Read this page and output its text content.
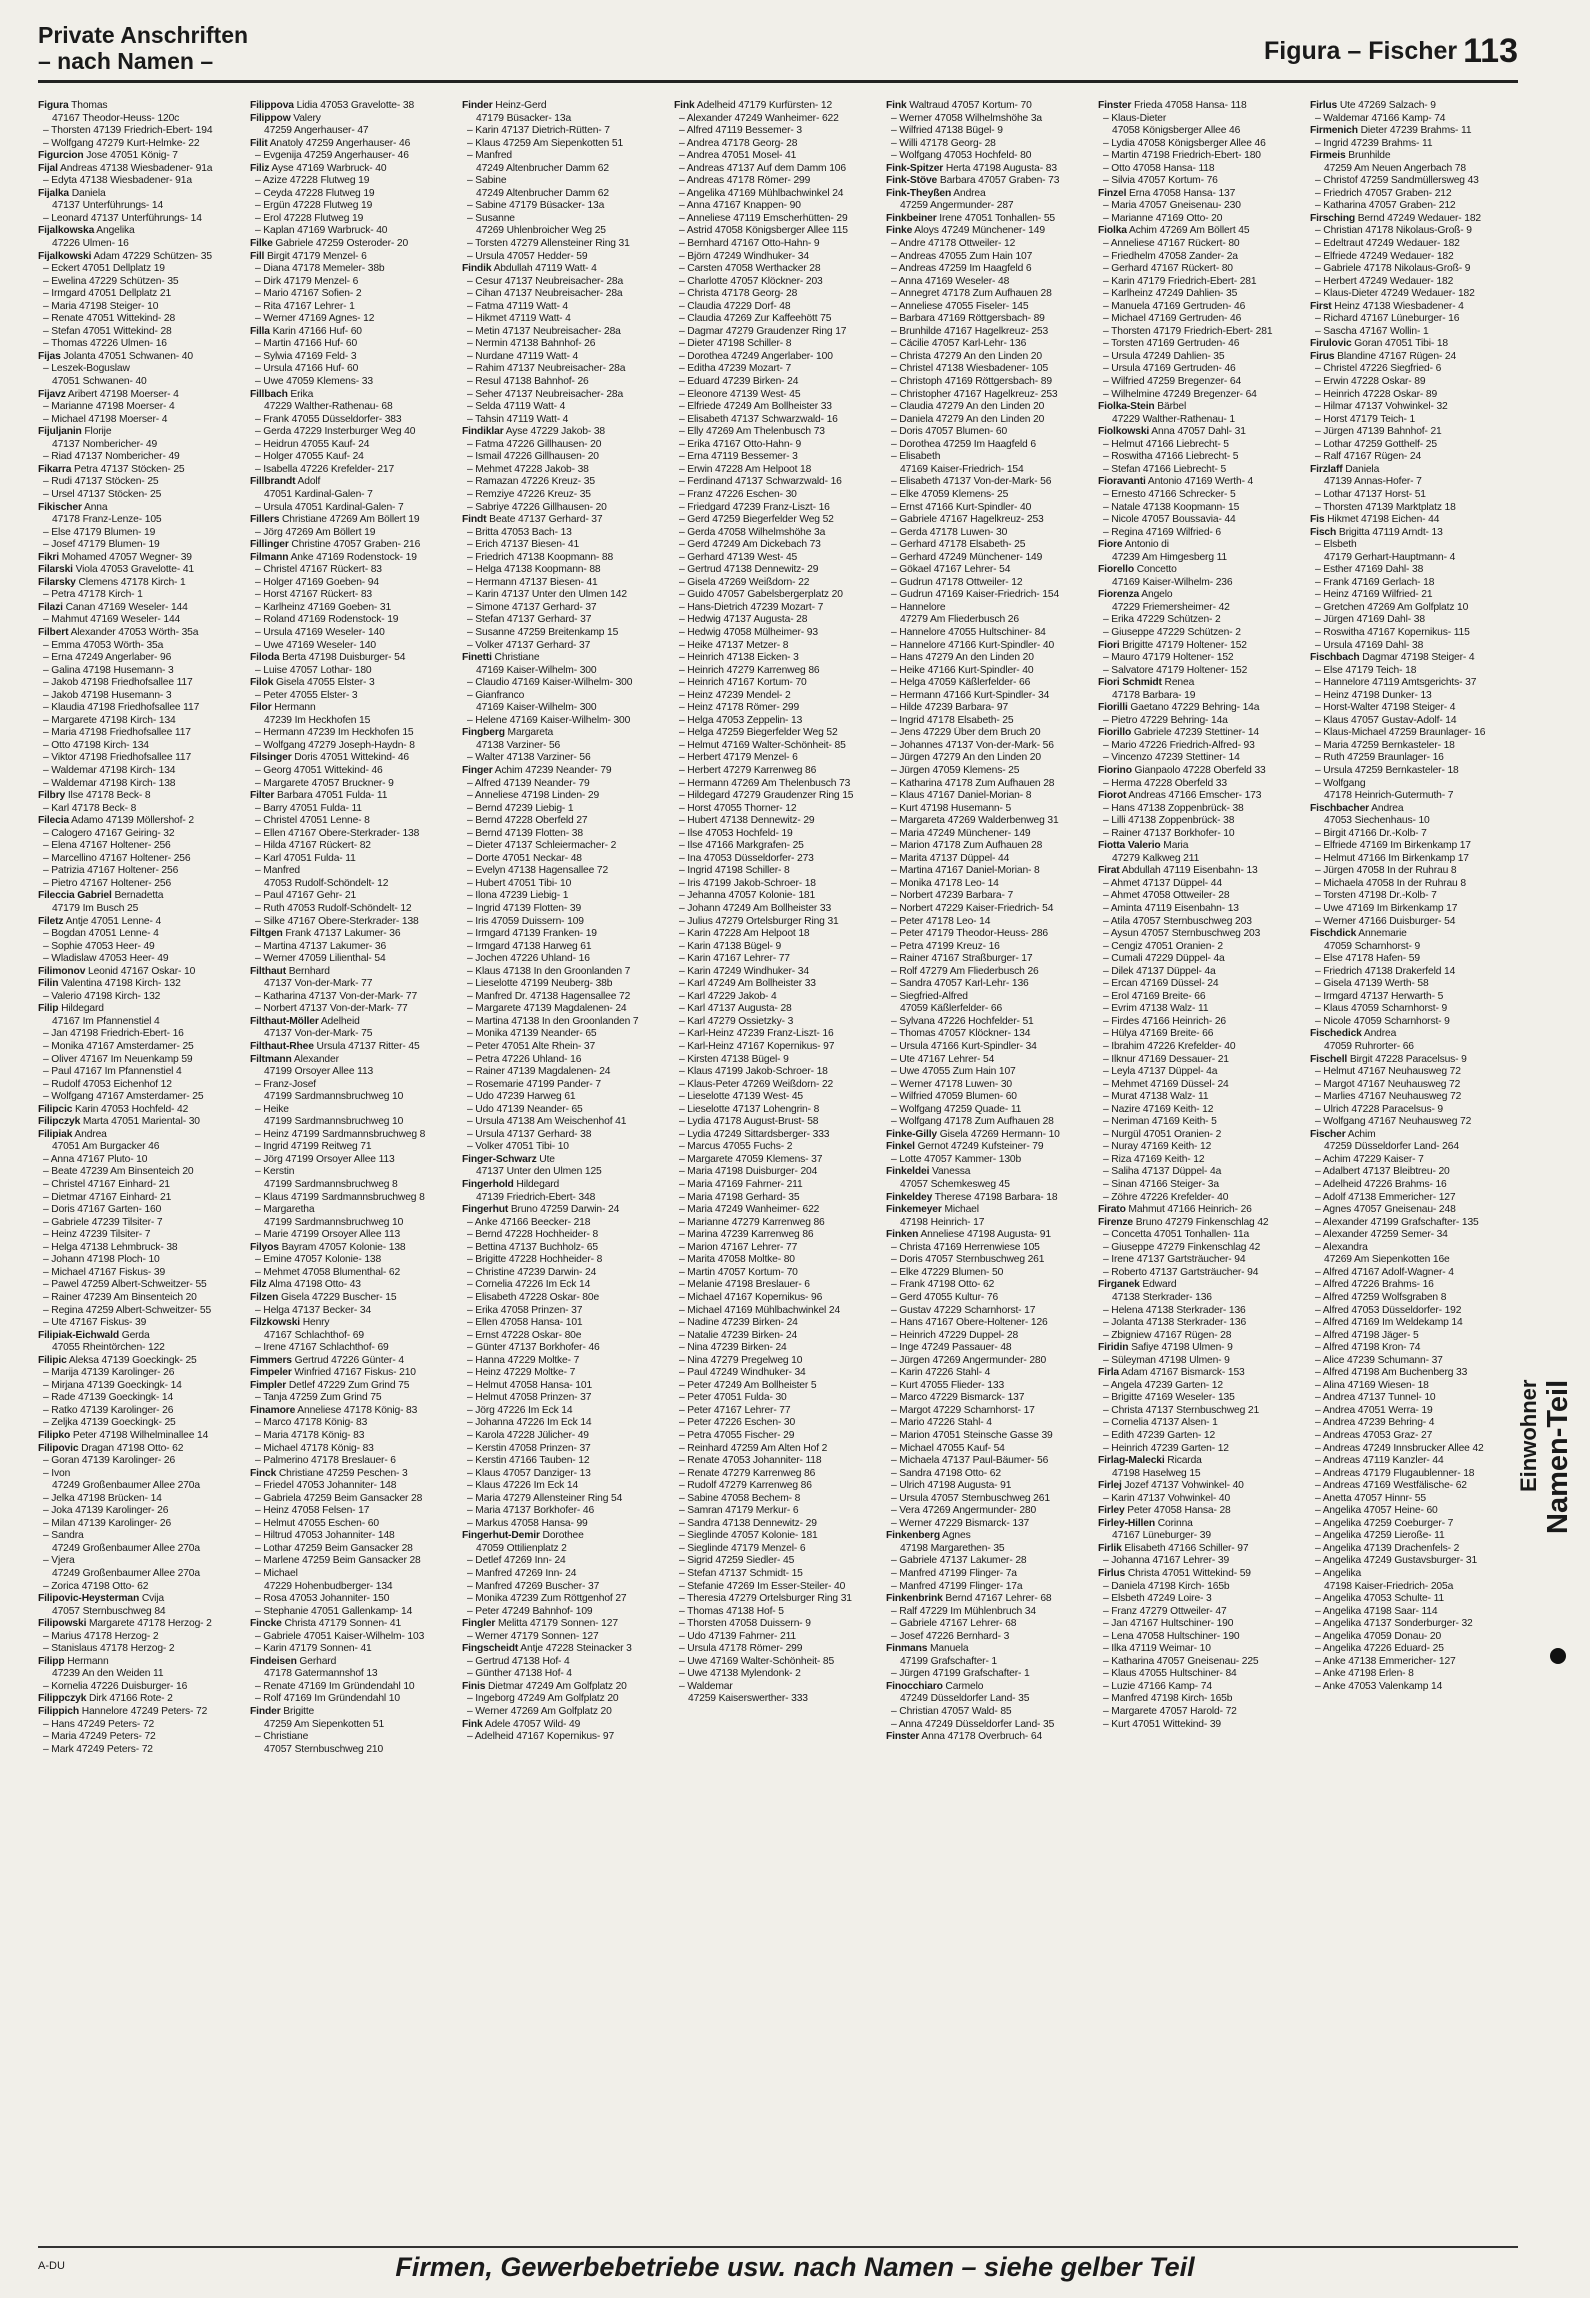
Private Anschriften
– nach Namen –	Figura – Fischer 113
Figura Thomas
47167 Theodor-Heuss- 120c
– Thorsten 47139 Friedrich-Ebert- 194
– Wolfgang 47279 Kurt-Helmke- 22
Figurcion Jose 47051 König- 7
Fijal Andreas 47138 Wiesbadener- 91a
– Edyta 47138 Wiesbadener- 91a
Fijalka Daniela
47137 Unterführungs- 14
– Leonard 47137 Unterführungs- 14
Fijalkowska Angelika
47226 Ulmen- 16
Fijalkowski Adam 47229 Schützen- 35
– Eckert 47051 Dellplatz 19
– Ewelina 47229 Schützen- 35
– Irmgard 47051 Dellplatz 21
– Maria 47198 Steiger- 10
– Renate 47051 Wittekind- 28
– Stefan 47051 Wittekind- 28
– Thomas 47226 Ulmen- 16
Fijas Jolanta 47051 Schwanen- 40
– Leszek-Boguslaw
47051 Schwanen- 40
Fijavz Aribert 47198 Moerser- 4
– Marianne 47198 Moerser- 4
– Michael 47198 Moerser- 4
Fijuljanin Florije
47137 Nombericher- 49
– Riad 47137 Nombericher- 49
Fikarra Petra 47137 Stöcken- 25
– Rudi 47137 Stöcken- 25
– Ursel 47137 Stöcken- 25
Fikischer Anna
47178 Franz-Lenze- 105
– Else 47179 Blumen- 19
– Josef 47179 Blumen- 19
Fikri Mohamed 47057 Wegner- 39
Filarski Viola 47053 Gravelotte- 41
Filarsky Clemens 47178 Kirch- 1
– Petra 47178 Kirch- 1
Filazi Canan 47169 Weseler- 144
– Mahmut 47169 Weseler- 144
Filbert Alexander 47053 Wörth- 35a
– Emma 47053 Wörth- 35a
– Erna 47249 Angerlaber- 96
– Galina 47198 Husemann- 3
– Jakob 47198 Friedhofsallee 117
– Jakob 47198 Husemann- 3
– Klaudia 47198 Friedhofsallee 117
– Margarete 47198 Kirch- 134
– Maria 47198 Friedhofsallee 117
– Otto 47198 Kirch- 134
– Viktor 47198 Friedhofsallee 117
– Waldemar 47198 Kirch- 134
– Waldemar 47198 Kirch- 138
Filbry Ilse 47178 Beck- 8
– Karl 47178 Beck- 8
Filecia Adamo 47139 Möllershof- 2
– Calogero 47167 Geiring- 32
– Elena 47167 Holtener- 256
– Marcellino 47167 Holtener- 256
– Patrizia 47167 Holtener- 256
– Pietro 47167 Holtener- 256
Fileccia Gabriel Bernadetta
47179 Im Busch 25
Filetz Antje 47051 Lenne- 4
– Bogdan 47051 Lenne- 4
– Sophie 47053 Heer- 49
– Wladislaw 47053 Heer- 49
Filimonov Leonid 47167 Oskar- 10
Filin Valentina 47198 Kirch- 132
– Valerio 47198 Kirch- 132
Filip Hildegard
47167 Im Pfannenstiel 4
– Jan 47198 Friedrich-Ebert- 16
– Monika 47167 Amsterdamer- 25
– Oliver 47167 Im Neuenkamp 59
– Paul 47167 Im Pfannenstiel 4
– Rudolf 47053 Eichenhof 12
– Wolfgang 47167 Amsterdamer- 25
Filipcic Karin 47053 Hochfeld- 42
Filipczyk Marta 47051 Mariental- 30
Filipiak Andrea
47051 Am Burgacker 46
– Anna 47167 Pluto- 10
– Beate 47239 Am Binsenteich 20
– Christel 47167 Einhard- 21
– Dietmar 47167 Einhard- 21
– Doris 47167 Garten- 160
– Gabriele 47239 Tilsiter- 7
– Heinz 47239 Tilsiter- 7
– Helga 47138 Lehmbruck- 38
– Johann 47198 Ploch- 10
– Michael 47167 Fiskus- 39
– Pawel 47259 Albert-Schweitzer- 55
– Rainer 47239 Am Binsenteich 20
– Regina 47259 Albert-Schweitzer- 55
– Ute 47167 Fiskus- 39
Filipiak-Eichwald Gerda
47055 Rheintörchen- 122
Filipic Aleksa 47139 Goeckingk- 25
– Marija 47139 Karolinger- 26
– Mirjana 47139 Goeckingk- 14
– Rade 47139 Goeckingk- 14
– Ratko 47139 Karolinger- 26
– Zeljka 47139 Goeckingk- 25
Filipko Peter 47198 Wilhelminallee 14
Filipovic Dragan 47198 Otto- 62
– Goran 47139 Karolinger- 26
– Ivon
47249 Großenbaumer Allee 270a
– Jelka 47198 Brücken- 14
– Joka 47139 Karolinger- 26
– Milan 47139 Karolinger- 26
– Sandra
47249 Großenbaumer Allee 270a
– Vjera
47249 Großenbaumer Allee 270a
– Zorica 47198 Otto- 62
Filipovic-Heysterman Cvija
47057 Sternbuschweg 84
Filipowski Margarete 47178 Herzog- 2
– Marius 47178 Herzog- 2
– Stanislaus 47178 Herzog- 2
Filipp Hermann
47239 An den Weiden 11
– Kornelia 47226 Duisburger- 16
Filippczyk Dirk 47166 Rote- 2
Filippich Hannelore 47249 Peters- 72
– Hans 47249 Peters- 72
– Maria 47249 Peters- 72
– Mark 47249 Peters- 72
Filippova Lidia 47053 Gravelotte- 38
Filippow Valery
47259 Angerhauser- 47
Filit Anatoly 47259 Angerhauser- 46
– Evgenija 47259 Angerhauser- 46
Filiz Ayse 47169 Warbruck- 40
– Azize 47228 Flutweg 19
– Ceyda 47228 Flutweg 19
– Ergün 47228 Flutweg 19
– Erol 47228 Flutweg 19
– Kaplan 47169 Warbruck- 40
Filke Gabriele 47259 Osteroder- 20
Fill Birgit 47179 Menzel- 6
– Diana 47178 Memeler- 38b
– Dirk 47179 Menzel- 6
– Mario 47167 Sofien- 2
– Rita 47167 Lehrer- 1
– Werner 47169 Agnes- 12
Filla Karin 47166 Huf- 60
– Martin 47166 Huf- 60
– Sylwia 47169 Feld- 3
– Ursula 47166 Huf- 60
– Uwe 47059 Klemens- 33
Fillbach Erika
47229 Walther-Rathenau- 68
– Frank 47055 Düsseldorfer- 383
– Gerda 47229 Insterburger Weg 40
– Heidrun 47055 Kauf- 24
– Holger 47055 Kauf- 24
– Isabella 47226 Krefelder- 217
Fillbrandt Adolf
47051 Kardinal-Galen- 7
– Ursula 47051 Kardinal-Galen- 7
Fillers Christiane 47269 Am Böllert 19
– Jörg 47269 Am Böllert 19
Fillinger Christine 47057 Graben- 216
Filmann Anke 47169 Rodenstock- 19
– Christel 47167 Rückert- 83
– Holger 47169 Goeben- 94
– Horst 47167 Rückert- 83
– Karlheinz 47169 Goeben- 31
– Roland 47169 Rodenstock- 19
– Ursula 47169 Weseler- 140
– Uwe 47169 Weseler- 140
Filoda Berta 47198 Duisburger- 54
– Luise 47057 Lothar- 180
Filok Gisela 47055 Elster- 3
– Peter 47055 Elster- 3
Filor Hermann
47239 Im Heckhofen 15
– Hermann 47239 Im Heckhofen 15
– Wolfgang 47279 Joseph-Haydn- 8
Filsinger Doris 47051 Wittekind- 46
– Georg 47051 Wittekind- 46
– Margarete 47057 Bruckner- 9
Filter Barbara 47051 Fulda- 11
– Barry 47051 Fulda- 11
– Christel 47051 Lenne- 8
– Ellen 47167 Obere-Sterkrader- 138
– Hilda 47167 Rückert- 82
– Karl 47051 Fulda- 11
– Manfred
47053 Rudolf-Schöndelt- 12
– Paul 47167 Gehr- 21
– Ruth 47053 Rudolf-Schöndelt- 12
– Silke 47167 Obere-Sterkrader- 138
Filtgen Frank 47137 Lakumer- 36
– Martina 47137 Lakumer- 36
– Werner 47059 Lilienthal- 54
Filthaut Bernhard
47137 Von-der-Mark- 77
– Katharina 47137 Von-der-Mark- 77
– Norbert 47137 Von-der-Mark- 77
Filthaut-Möller Adelheid
47137 Von-der-Mark- 75
Filthaut-Rhee Ursula 47137 Ritter- 45
Filtmann Alexander
47199 Orsoyer Allee 113
– Franz-Josef
47199 Sardmannsbruchweg 10
– Heike
47199 Sardmannsbruchweg 10
– Heinz 47199 Sardmannsbruchweg 8
– Ingrid 47199 Reitweg 71
– Jörg 47199 Orsoyer Allee 113
– Kerstin
47199 Sardmannsbruchweg 8
– Klaus 47199 Sardmannsbruchweg 8
– Margaretha
47199 Sardmannsbruchweg 10
– Marie 47199 Orsoyer Allee 113
Filyos Bayram 47057 Kolonie- 138
– Emine 47057 Kolonie- 138
– Mehmet 47058 Blumenthal- 62
Filz Alma 47198 Otto- 43
Filzen Gisela 47229 Buscher- 15
– Helga 47137 Becker- 34
Filzkowski Henry
47167 Schlachthof- 69
– Irene 47167 Schlachthof- 69
Fimmers Gertrud 47226 Günter- 4
Fimpeler Winfried 47167 Fiskus- 210
Fimpler Detlef 47229 Zum Grind 75
– Tanja 47259 Zum Grind 75
Finamore Anneliese 47178 König- 83
– Marco 47178 König- 83
– Maria 47178 König- 83
– Michael 47178 König- 83
– Palmerino 47178 Breslauer- 6
Finck Christiane 47259 Peschen- 3
– Friedel 47053 Johanniter- 148
– Gabriela 47259 Beim Gansacker 28
– Heinz 47058 Felsen- 17
– Helmut 47055 Eschen- 60
– Hiltrud 47053 Johanniter- 148
– Lothar 47259 Beim Gansacker 28
– Marlene 47259 Beim Gansacker 28
– Michael
47229 Hohenbudberger- 134
– Rosa 47053 Johanniter- 150
– Stephanie 47051 Gallenkamp- 14
Fincke Christa 47179 Sonnen- 41
– Gabriele 47051 Kaiser-Wilhelm- 103
– Karin 47179 Sonnen- 41
Findeisen Gerhard
47178 Gatermannshof 13
– Renate 47169 Im Gründendahl 10
– Rolf 47169 Im Gründendahl 10
Finder Brigitte
47259 Am Siepenkotten 51
– Christiane
47057 Sternbuschweg 210
Finder Heinz-Gerd
47179 Büsacker- 13a
– Karin 47137 Dietrich-Rütten- 7
– Klaus 47259 Am Siepenkotten 51
– Manfred
47249 Altenbrucher Damm 62
– Sabine
47249 Altenbrucher Damm 62
– Sabine 47179 Büsacker- 13a
– Susanne
47269 Uhlenbroicher Weg 25
– Torsten 47279 Allensteiner Ring 31
– Ursula 47057 Hedder- 59
Findik Abdullah 47119 Watt- 4
– Cesur 47137 Neubreisacher- 28a
– Cihan 47137 Neubreisacher- 28a
– Fatma 47119 Watt- 4
– Hikmet 47119 Watt- 4
– Metin 47137 Neubreisacher- 28a
– Nermin 47138 Bahnhof- 26
– Nurdane 47119 Watt- 4
– Rahim 47137 Neubreisacher- 28a
– Resul 47138 Bahnhof- 26
– Seher 47137 Neubreisacher- 28a
– Selda 47119 Watt- 4
– Tahsin 47119 Watt- 4
Findiklar Ayse 47229 Jakob- 38
– Fatma 47226 Gillhausen- 20
– Ismail 47226 Gillhausen- 20
– Mehmet 47228 Jakob- 38
– Ramazan 47226 Kreuz- 35
– Remziye 47226 Kreuz- 35
– Sabriye 47226 Gillhausen- 20
Findt Beate 47137 Gerhard- 37
– Britta 47053 Bach- 13
– Erich 47137 Biesen- 41
– Friedrich 47138 Koopmann- 88
– Helga 47138 Koopmann- 88
– Hermann 47137 Biesen- 41
– Karin 47137 Unter den Ulmen 142
– Simone 47137 Gerhard- 37
– Stefan 47137 Gerhard- 37
– Susanne 47259 Breitenkamp 15
– Volker 47137 Gerhard- 37
Finetti Christiane
47169 Kaiser-Wilhelm- 300
– Claudio 47169 Kaiser-Wilhelm- 300
– Gianfranco
47169 Kaiser-Wilhelm- 300
– Helene 47169 Kaiser-Wilhelm- 300
Fingberg Margareta
47138 Varziner- 56
– Walter 47138 Varziner- 56
Finger Achim 47239 Neander- 79
– Alfred 47139 Neander- 79
– Anneliese 47198 Linden- 29
– Bernd 47239 Liebig- 1
– Bernd 47228 Oberfeld 27
– Bernd 47139 Flotten- 38
– Dieter 47137 Schleiermacher- 2
– Dorte 47051 Neckar- 48
– Evelyn 47138 Hagensallee 72
– Hubert 47051 Tibi- 10
– Ilona 47239 Liebig- 1
– Ingrid 47139 Flotten- 39
– Iris 47059 Duissern- 109
– Irmgard 47139 Franken- 19
– Irmgard 47138 Harweg 61
– Jochen 47226 Uhland- 16
– Klaus 47138 In den Groonlanden 7
– Lieselotte 47199 Neuberg- 38b
– Manfred Dr. 47138 Hagensallee 72
– Margarete 47139 Magdalenen- 24
– Martina 47138 In den Groonlanden 7
– Monika 47139 Neander- 65
– Peter 47051 Alte Rhein- 37
– Petra 47226 Uhland- 16
– Rainer 47139 Magdalenen- 24
– Rosemarie 47199 Pander- 7
– Udo 47239 Harweg 61
– Udo 47139 Neander- 65
– Ursula 47138 Am Weischenhof 41
– Ursula 47137 Gerhard- 38
– Volker 47051 Tibi- 10
Finger-Schwarz Ute
47137 Unter den Ulmen 125
Fingerhold Hildegard
47139 Friedrich-Ebert- 348
Fingerhut Bruno 47259 Darwin- 24
– Anke 47166 Beecker- 218
– Bernd 47228 Hochheider- 8
– Bettina 47137 Buchholz- 65
– Brigitte 47228 Hochheider- 8
– Christine 47239 Darwin- 24
– Cornelia 47226 Im Eck 14
– Elisabeth 47228 Oskar- 80e
– Erika 47058 Prinzen- 37
– Ellen 47058 Hansa- 101
– Ernst 47228 Oskar- 80e
– Günter 47137 Borkhofer- 46
– Hanna 47229 Moltke- 7
– Heinz 47229 Moltke- 7
– Helmut 47058 Hansa- 101
– Helmut 47058 Prinzen- 37
– Jörg 47226 Im Eck 14
– Johanna 47226 Im Eck 14
– Karola 47228 Jülicher- 49
– Kerstin 47058 Prinzen- 37
– Kerstin 47166 Tauben- 12
– Klaus 47057 Danziger- 13
– Klaus 47226 Im Eck 14
– Maria 47279 Allensteiner Ring 54
– Maria 47137 Borkhofer- 46
– Markus 47058 Hansa- 99
Fingerhut-Demir Dorothee
47059 Ottilienplatz 2
– Detlef 47269 Inn- 24
– Manfred 47269 Inn- 24
– Manfred 47269 Buscher- 37
– Monika 47239 Zum Röttgenhof 27
– Peter 47249 Bahnhof- 109
Fingler Melitta 47179 Sonnen- 127
– Werner 47179 Sonnen- 127
Fingscheidt Antje 47228 Steinacker 3
– Gertrud 47138 Hof- 4
– Günther 47138 Hof- 4
Finis Dietmar 47249 Am Golfplatz 20
– Ingeborg 47249 Am Golfplatz 20
– Werner 47269 Am Golfplatz 20
Fink Adele 47057 Wild- 49
– Adelheid 47167 Kopernikus- 97
Fink Adelheid 47179 Kurfürsten- 12
– Alexander 47249 Wanheimer- 622
– Alfred 47119 Bessemer- 3
– Andrea 47178 Georg- 28
– Andrea 47051 Mosel- 41
– Andreas 47137 Auf dem Damm 106
– Andreas 47178 Römer- 299
– Angelika 47169 Mühlbachwinkel 24
– Anna 47167 Knappen- 90
– Anneliese 47119 Emscherhütten- 29
– Astrid 47058 Königsberger Allee 115
– Bernhard 47167 Otto-Hahn- 9
– Björn 47249 Windhuker- 34
– Carsten 47058 Werthacker 28
– Charlotte 47057 Klöckner- 203
– Christa 47178 Georg- 28
– Claudia 47229 Dorf- 48
– Claudia 47269 Zur Kaffeehött 75
– Dagmar 47279 Graudenzer Ring 17
– Dieter 47198 Schiller- 8
– Dorothea 47249 Angerlaber- 100
– Editha 47239 Mozart- 7
– Eduard 47239 Birken- 24
– Eleonore 47139 West- 45
– Elfriede 47249 Am Bollheister 33
– Elisabeth 47137 Schwarzwald- 16
– Elly 47269 Am Thelenbusch 73
– Erika 47167 Otto-Hahn- 9
– Erna 47119 Bessemer- 3
– Erwin 47228 Am Helpoot 18
– Ferdinand 47137 Schwarzwald- 16
– Franz 47226 Eschen- 30
– Friedgard 47239 Franz-Liszt- 16
– Gerd 47259 Biegerfelder Weg 52
– Gerda 47058 Wilhelmshöhe 3a
– Gerd 47249 Am Dickebach 73
– Gerhard 47139 West- 45
– Gertrud 47138 Dennewitz- 29
– Gisela 47269 Weißdorn- 22
– Guido 47057 Gabelsbergerplatz 20
– Hans-Dietrich 47239 Mozart- 7
– Hedwig 47137 Augusta- 28
– Hedwig 47058 Mülheimer- 93
– Heike 47137 Metzer- 8
– Heinrich 47138 Eicken- 3
– Heinrich 47279 Karrenweg 86
– Heinrich 47167 Kortum- 70
– Heinz 47239 Mendel- 2
– Heinz 47178 Römer- 299
– Helga 47053 Zeppelin- 13
– Helga 47259 Biegerfelder Weg 52
– Helmut 47169 Walter-Schönheit- 85
– Herbert 47179 Menzel- 6
– Herbert 47279 Karrenweg 86
– Hermann 47269 Am Thelenbusch 73
– Hildegard 47279 Graudenzer Ring 15
– Horst 47055 Thorner- 12
– Hubert 47138 Dennewitz- 29
– Ilse 47053 Hochfeld- 19
– Ilse 47166 Markgrafen- 25
– Ina 47053 Düsseldorfer- 273
– Ingrid 47198 Schiller- 8
– Iris 47199 Jakob-Schroer- 18
– Jehanna 47057 Kolonie- 181
– Johann 47249 Am Bollheister 33
– Julius 47279 Ortelsburger Ring 31
– Karin 47228 Am Helpoot 18
– Karin 47138 Bügel- 9
– Karin 47167 Lehrer- 77
– Karin 47249 Windhuker- 34
– Karl 47249 Am Bollheister 33
– Karl 47229 Jakob- 4
– Karl 47137 Augusta- 28
– Karl 47279 Ossietzky- 3
– Karl-Heinz 47239 Franz-Liszt- 16
– Karl-Heinz 47167 Kopernikus- 97
– Kirsten 47138 Bügel- 9
– Klaus 47199 Jakob-Schroer- 18
– Klaus-Peter 47269 Weißdorn- 22
– Lieselotte 47139 West- 45
– Lieselotte 47137 Lohengrin- 8
– Lydia 47178 August-Brust- 58
– Lydia 47249 Sittardsberger- 333
– Marcus 47055 Fuchs- 2
– Margarete 47059 Klemens- 37
– Maria 47198 Duisburger- 204
– Maria 47169 Fahrner- 211
– Maria 47198 Gerhard- 35
– Maria 47249 Wanheimer- 622
– Marianne 47279 Karrenweg 86
– Marina 47239 Karrenweg 86
– Marion 47167 Lehrer- 77
– Marita 47058 Moltke- 80
– Martin 47057 Kortum- 70
– Melanie 47198 Breslauer- 6
– Michael 47167 Kopernikus- 96
– Michael 47169 Mühlbachwinkel 24
– Nadine 47239 Birken- 24
– Natalie 47239 Birken- 24
– Nina 47239 Birken- 24
– Nina 47279 Pregelweg 10
– Paul 47249 Windhuker- 34
– Peter 47249 Am Bollheister 5
– Peter 47051 Fulda- 30
– Peter 47167 Lehrer- 77
– Peter 47226 Eschen- 30
– Petra 47055 Fischer- 29
– Reinhard 47259 Am Alten Hof 2
– Renate 47053 Johanniter- 118
– Renate 47279 Karrenweg 86
– Rudolf 47279 Karrenweg 86
– Sabine 47058 Bechem- 8
– Samran 47179 Merkur- 6
– Sandra 47138 Dennewitz- 29
– Sieglinde 47057 Kolonie- 181
– Sieglinde 47179 Menzel- 6
– Sigrid 47259 Siedler- 45
– Stefan 47137 Schmidt- 15
– Stefanie 47269 Im Esser-Steiler- 40
– Theresia 47279 Ortelsburger Ring 31
– Thomas 47138 Hof- 5
– Thorsten 47058 Duissern- 9
– Udo 47139 Fahrner- 211
– Ursula 47178 Römer- 299
– Uwe 47169 Walter-Schönheit- 85
– Uwe 47138 Mylendonk- 2
– Waldemar
47259 Kaiserswerther- 333
Fink Waltraud 47057 Kortum- 70
– Werner 47058 Wilhelmshöhe 3a
– Wilfried 47138 Bügel- 9
– Willi 47178 Georg- 28
– Wolfgang 47053 Hochfeld- 80
Fink-Spitzer Herta 47198 Augusta- 83
Fink-Stöve Barbara 47057 Graben- 73
Fink-Theyßen Andrea
47259 Angermunder- 287
Finkbeiner Irene 47051 Tonhallen- 55
Finke Aloys 47249 Münchener- 149
– Andre 47178 Ottweiler- 12
– Andreas 47055 Zum Hain 107
– Andreas 47259 Im Haagfeld 6
– Anna 47169 Weseler- 48
– Annegret 47178 Zum Aufhauen 28
– Anneliese 47055 Fiseler- 145
– Barbara 47169 Röttgersbach- 89
– Brunhilde 47167 Hagelkreuz- 253
– Cäcilie 47057 Karl-Lehr- 136
– Christa 47279 An den Linden 20
– Christel 47138 Wiesbadener- 105
– Christoph 47169 Röttgersbach- 89
– Christopher 47167 Hagelkreuz- 253
– Claudia 47279 An den Linden 20
– Daniela 47279 An den Linden 20
– Doris 47057 Blumen- 60
– Dorothea 47259 Im Haagfeld 6
– Elisabeth
47169 Kaiser-Friedrich- 154
– Elisabeth 47137 Von-der-Mark- 56
– Elke 47059 Klemens- 25
– Ernst 47166 Kurt-Spindler- 40
– Gabriele 47167 Hagelkreuz- 253
– Gerda 47178 Luwen- 30
– Gerhard 47178 Elsabeth- 25
– Gerhard 47249 Münchener- 149
– Gökael 47167 Lehrer- 54
– Gudrun 47178 Ottweiler- 12
– Gudrun 47169 Kaiser-Friedrich- 154
– Hannelore
47279 Am Fliederbusch 26
– Hannelore 47055 Hultschiner- 84
– Hannelore 47166 Kurt-Spindler- 40
– Hans 47279 An den Linden 20
– Heike 47166 Kurt-Spindler- 40
– Helga 47059 Käßlerfelder- 66
– Hermann 47166 Kurt-Spindler- 34
– Hilde 47239 Barbara- 97
– Ingrid 47178 Elsabeth- 25
– Jens 47229 Über dem Bruch 20
– Johannes 47137 Von-der-Mark- 56
– Jürgen 47279 An den Linden 20
– Jürgen 47059 Klemens- 25
– Katharina 47178 Zum Aufhauen 28
– Klaus 47167 Daniel-Morian- 8
– Kurt 47198 Husemann- 5
– Margareta 47269 Walderbenweg 31
– Maria 47249 Münchener- 149
– Marion 47178 Zum Aufhauen 28
– Marita 47137 Düppel- 44
– Martina 47167 Daniel-Morian- 8
– Monika 47178 Leo- 14
– Norbert 47239 Barbara- 7
– Norbert 47229 Kaiser-Friedrich- 54
– Peter 47178 Leo- 14
– Peter 47179 Theodor-Heuss- 286
– Petra 47199 Kreuz- 16
– Rainer 47167 Straßburger- 17
– Rolf 47279 Am Fliederbusch 26
– Sandra 47057 Karl-Lehr- 136
– Siegfried-Alfred
47059 Käßlerfelder- 66
– Sylvana 47226 Hochfelder- 51
– Thomas 47057 Klöckner- 134
– Ursula 47166 Kurt-Spindler- 34
– Ute 47167 Lehrer- 54
– Uwe 47055 Zum Hain 107
– Werner 47178 Luwen- 30
– Wilfried 47059 Blumen- 60
– Wolfgang 47259 Quade- 11
– Wolfgang 47178 Zum Aufhauen 28
Finke-Gilly Gisela 47269 Hermann- 10
Finkel Gernot 47249 Kufsteiner- 79
– Lotte 47057 Kammer- 130b
Finkeldei Vanessa
47057 Schemkesweg 45
Finkeldey Therese 47198 Barbara- 18
Finkemeyer Michael
47198 Heinrich- 17
Finken Anneliese 47198 Augusta- 91
– Christa 47169 Herrenwiese 105
– Doris 47057 Sternbuschweg 261
– Elke 47229 Blumen- 50
– Frank 47198 Otto- 62
– Gerd 47055 Kultur- 76
– Gustav 47229 Scharnhorst- 17
– Hans 47167 Obere-Holtener- 126
– Heinrich 47229 Duppel- 28
– Inge 47249 Passauer- 48
– Jürgen 47269 Angermunder- 280
– Karin 47226 Stahl- 4
– Kurt 47055 Flieder- 133
– Marco 47229 Bismarck- 137
– Margot 47229 Scharnhorst- 17
– Mario 47226 Stahl- 4
– Marion 47051 Steinsche Gasse 39
– Michael 47055 Kauf- 54
– Michaela 47137 Paul-Bäumer- 56
– Sandra 47198 Otto- 62
– Ulrich 47198 Augusta- 91
– Ursula 47057 Sternbuschweg 261
– Vera 47269 Angermunder- 280
– Werner 47229 Bismarck- 137
Finkenberg Agnes
47198 Margarethen- 35
– Gabriele 47137 Lakumer- 28
– Manfred 47199 Flinger- 7a
– Manfred 47199 Flinger- 17a
Finkenbrink Bernd 47167 Lehrer- 68
– Ralf 47229 Im Mühlenbruch 34
– Gabriele 47167 Lehrer- 68
– Josef 47226 Bernhard- 3
Finmans Manuela
47199 Grafschafter- 1
– Jürgen 47199 Grafschafter- 1
Finocchiaro Carmelo
47249 Düsseldorfer Land- 35
– Christian 47057 Wald- 85
– Anna 47249 Düsseldorfer Land- 35
Finster Anna 47178 Overbruch- 64
Finster Frieda 47058 Hansa- 118
– Klaus-Dieter
47058 Königsberger Allee 46
– Lydia 47058 Königsberger Allee 46
– Martin 47198 Friedrich-Ebert- 180
– Otto 47058 Hansa- 118
– Silvia 47057 Kortum- 76
Finzel Erna 47058 Hansa- 137
– Maria 47057 Gneisenau- 230
– Marianne 47169 Otto- 20
Fiolka Achim 47269 Am Böllert 45
– Anneliese 47167 Rückert- 80
– Friedhelm 47058 Zander- 2a
– Gerhard 47167 Rückert- 80
– Karin 47179 Friedrich-Ebert- 281
– Karlheinz 47249 Dahlien- 35
– Manuela 47169 Gertruden- 46
– Michael 47169 Gertruden- 46
– Thorsten 47179 Friedrich-Ebert- 281
– Torsten 47169 Gertruden- 46
– Ursula 47249 Dahlien- 35
– Ursula 47169 Gertruden- 46
– Wilfried 47259 Bregenzer- 64
– Wilhelmine 47249 Bregenzer- 64
Fiolka-Stein Bärbel
47229 Walther-Rathenau- 1
Fiolkowski Anna 47057 Dahl- 31
– Helmut 47166 Liebrecht- 5
– Roswitha 47166 Liebrecht- 5
– Stefan 47166 Liebrecht- 5
Fioravanti Antonio 47169 Werth- 4
– Ernesto 47166 Schrecker- 5
– Natale 47138 Koopmann- 15
– Nicole 47057 Boussavia- 44
– Regina 47169 Wilfried- 6
Fiore Antonio di
47239 Am Himgesberg 11
Fiorello Concetto
47169 Kaiser-Wilhelm- 236
Fiorenza Angelo
47229 Friemersheimer- 42
– Erika 47229 Schützen- 2
– Giuseppe 47229 Schützen- 2
Fiori Brigitte 47179 Holtener- 152
– Mauro 47179 Holtener- 152
– Salvatore 47179 Holtener- 152
Fiori Schmidt Renea
47178 Barbara- 19
Fiorilli Gaetano 47229 Behring- 14a
– Pietro 47229 Behring- 14a
Fiorillo Gabriele 47239 Stettiner- 14
– Mario 47226 Friedrich-Alfred- 93
– Vincenzo 47239 Stettiner- 14
Fiorino Gianpaolo 47228 Oberfeld 33
– Herma 47228 Oberfeld 33
Fiorot Andreas 47166 Emscher- 173
– Hans 47138 Zoppenbrück- 38
– Lilli 47138 Zoppenbrück- 38
– Rainer 47137 Borkhofer- 10
Fiotta Valerio Maria
47279 Kalkweg 211
Firat Abdullah 47119 Eisenbahn- 13
– Ahmet 47137 Düppel- 44
– Ahmet 47058 Ottweiler- 28
– Aminta 47119 Eisenbahn- 13
– Atila 47057 Sternbuschweg 203
– Aysun 47057 Sternbuschweg 203
– Cengiz 47051 Oranien- 2
– Cumali 47229 Düppel- 4a
– Dilek 47137 Düppel- 4a
– Ercan 47169 Düssel- 24
– Erol 47169 Breite- 66
– Evrim 47138 Walz- 11
– Firdes 47166 Heinrich- 26
– Hülya 47169 Breite- 66
– Ibrahim 47226 Krefelder- 40
– Ilknur 47169 Dessauer- 21
– Leyla 47137 Düppel- 4a
– Mehmet 47169 Düssel- 24
– Murat 47138 Walz- 11
– Nazire 47169 Keith- 12
– Neriman 47169 Keith- 5
– Nurgül 47051 Oranien- 2
– Nuray 47169 Keith- 12
– Riza 47169 Keith- 12
– Saliha 47137 Düppel- 4a
– Sinan 47166 Steiger- 3a
– Zöhre 47226 Krefelder- 40
Firato Mahmut 47166 Heinrich- 26
Firenze Bruno 47279 Finkenschlag 42
– Concetta 47051 Tonhallen- 11a
– Giuseppe 47279 Finkenschlag 42
– Irene 47137 Gartsträucher- 94
– Roberto 47137 Gartsträucher- 94
Firganek Edward
47138 Sterkrader- 136
– Helena 47138 Sterkrader- 136
– Jolanta 47138 Sterkrader- 136
– Zbigniew 47167 Rügen- 28
Firidin Safiye 47198 Ulmen- 9
– Süleyman 47198 Ulmen- 9
Firla Adam 47167 Bismarck- 153
– Angela 47239 Garten- 12
– Brigitte 47169 Weseler- 135
– Christa 47137 Sternbuschweg 21
– Cornelia 47137 Alsen- 1
– Edith 47239 Garten- 12
– Heinrich 47239 Garten- 12
Firlag-Malecki Ricarda
47198 Haselweg 15
Firlej Jozef 47137 Vohwinkel- 40
– Karin 47137 Vohwinkel- 40
Firley Peter 47058 Hansa- 28
Firley-Hillen Corinna
47167 Lüneburger- 39
Firlik Elisabeth 47166 Schiller- 97
– Johanna 47167 Lehrer- 39
Firlus Christa 47051 Wittekind- 59
– Daniela 47198 Kirch- 165b
– Elsbeth 47249 Loire- 3
– Franz 47279 Ottweiler- 47
– Jan 47167 Hultschiner- 190
– Lena 47058 Hultschiner- 190
– Ilka 47119 Weimar- 10
– Katharina 47057 Gneisenau- 225
– Klaus 47055 Hultschiner- 84
– Luzie 47166 Kamp- 74
– Manfred 47198 Kirch- 165b
– Margarete 47057 Harold- 72
– Kurt 47051 Wittekind- 39
Firlus Ute 47269 Salzach- 9
– Waldemar 47166 Kamp- 74
Firmenich Dieter 47239 Brahms- 11
– Ingrid 47239 Brahms- 11
Firmeis Brunhilde
47259 Am Neuen Angerbach 78
– Christof 47259 Sandmüllersweg 43
– Friedrich 47057 Graben- 212
– Katharina 47057 Graben- 212
Firsching Bernd 47249 Wedauer- 182
– Christian 47178 Nikolaus-Groß- 9
– Edeltraut 47249 Wedauer- 182
– Elfriede 47249 Wedauer- 182
– Gabriele 47178 Nikolaus-Groß- 9
– Herbert 47249 Wedauer- 182
– Klaus-Dieter 47249 Wedauer- 182
First Heinz 47138 Wiesbadener- 4
– Richard 47167 Lüneburger- 16
– Sascha 47167 Wollin- 1
Firulovic Goran 47051 Tibi- 18
Firus Blandine 47167 Rügen- 24
– Christel 47226 Siegfried- 6
– Erwin 47228 Oskar- 89
– Heinrich 47228 Oskar- 89
– Hilmar 47137 Vohwinkel- 32
– Horst 47179 Teich- 1
– Jürgen 47139 Bahnhof- 21
– Lothar 47259 Gotthelf- 25
– Ralf 47167 Rügen- 24
Firzlaff Daniela
47139 Annas-Hofer- 7
– Lothar 47137 Horst- 51
– Thorsten 47139 Marktplatz 18
Fis Hikmet 47198 Eichen- 44
Fisch Brigitta 47119 Arndt- 13
– Elsbeth
47179 Gerhart-Hauptmann- 4
– Esther 47169 Dahl- 38
– Frank 47169 Gerlach- 18
– Heinz 47169 Wilfried- 21
– Gretchen 47269 Am Golfplatz 10
– Jürgen 47169 Dahl- 38
– Roswitha 47167 Kopernikus- 115
– Ursula 47169 Dahl- 38
Fischbach Dagmar 47198 Steiger- 4
– Else 47179 Teich- 18
– Hannelore 47119 Amtsgerichts- 37
– Heinz 47198 Dunker- 13
– Horst-Walter 47198 Steiger- 4
– Klaus 47057 Gustav-Adolf- 14
– Klaus-Michael 47259 Braunlager- 16
– Maria 47259 Bernkasteler- 18
– Ruth 47259 Braunlager- 16
– Ursula 47259 Bernkasteler- 18
– Wolfgang
47178 Heinrich-Gutermuth- 7
Fischbacher Andrea
47053 Siechenhaus- 10
– Birgit 47166 Dr.-Kolb- 7
– Elfriede 47169 Im Birkenkamp 17
– Helmut 47166 Im Birkenkamp 17
– Jürgen 47058 In der Ruhrau 8
– Michaela 47058 In der Ruhrau 8
– Torsten 47198 Dr.-Kolb- 7
– Uwe 47169 Im Birkenkamp 17
– Werner 47166 Duisburger- 54
Fischdick Annemarie
47059 Scharnhorst- 9
– Else 47178 Hafen- 59
– Friedrich 47138 Drakerfeld 14
– Gisela 47139 Werth- 58
– Irmgard 47137 Herwarth- 5
– Klaus 47059 Scharnhorst- 9
– Nicole 47059 Scharnhorst- 9
Fischedick Andrea
47059 Ruhrorter- 66
Fischell Birgit 47228 Paracelsus- 9
– Helmut 47167 Neuhausweg 72
– Margot 47167 Neuhausweg 72
– Marlies 47167 Neuhausweg 72
– Ulrich 47228 Paracelsus- 9
– Wolfgang 47167 Neuhausweg 72
Fischer Achim
47259 Düsseldorfer Land- 264
– Achim 47229 Kaiser- 7
– Adalbert 47137 Bleibtreu- 20
– Adelheid 47226 Brahms- 16
– Adolf 47138 Emmericher- 127
– Agnes 47057 Gneisenau- 248
– Alexander 47199 Grafschafter- 135
– Alexander 47259 Semer- 34
– Alexandra
47269 Am Siepenkotten 16e
– Alfred 47167 Adolf-Wagner- 4
– Alfred 47226 Brahms- 16
– Alfred 47259 Wolfsgraben 8
– Alfred 47053 Düsseldorfer- 192
– Alfred 47169 Im Weldekamp 14
– Alfred 47198 Jäger- 5
– Alfred 47198 Kron- 74
– Alice 47239 Schumann- 37
– Alfred 47198 Am Buchenberg 33
– Alina 47169 Wiesen- 18
– Andrea 47137 Tunnel- 10
– Andrea 47051 Werra- 19
– Andrea 47239 Behring- 4
– Andreas 47053 Graz- 27
– Andreas 47249 Innsbrucker Allee 42
– Andreas 47119 Kanzler- 44
– Andreas 47179 Flugaublenner- 18
– Andreas 47169 Westfälische- 62
– Anetta 47057 Hinnr- 55
– Angelika 47057 Heine- 60
– Angelika 47259 Coeburger- 7
– Angelika 47259 Lieroße- 11
– Angelika 47139 Drachenfels- 2
– Angelika 47249 Gustavsburger- 31
– Angelika
47198 Kaiser-Friedrich- 205a
– Angelika 47053 Schulte- 11
– Angelika 47198 Saar- 114
– Angelika 47137 Sonderburger- 32
– Angelika 47059 Donau- 20
– Angelika 47226 Eduard- 25
– Anke 47138 Emmericher- 127
– Anke 47198 Erlen- 8
– Anke 47053 Valenkamp 14
Einwohner Namen-Teil
A-DU	Firmen, Gewerbebetriebe usw. nach Namen – siehe gelber Teil
